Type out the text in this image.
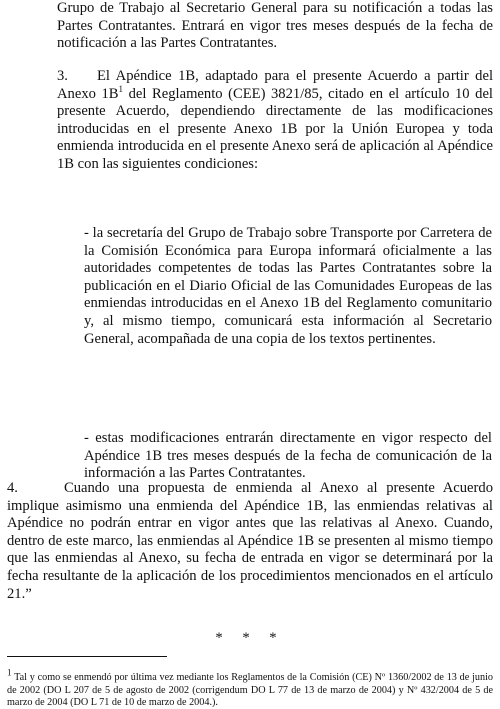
Grupo de Trabajo al Secretario General para su notificación a todas las Partes Contratantes. Entrará en vigor tres meses después de la fecha de notificación a las Partes Contratantes.

3. El Apéndice 1B, adaptado para el presente Acuerdo a partir del Anexo $1B^1$ del Reglamento (CEE) 3821/85, citado en el artículo 10 del presente Acuerdo, dependiendo directamente de las modificaciones introducidas en el presente Anexo 1B por la Unión Europea y toda enmienda introducida en el presente Anexo será de aplicación al Apéndice 1B con las siguientes condiciones:

- la secretaría del Grupo de Trabajo sobre Transporte por Carretera de la Comisión Económica para Europa informará oficialmente a las autoridades competentes de todas las Partes Contratantes sobre la publicación en el Diario Oficial de las Comunidades Europeas de las enmiendas introducidas en el Anexo 1B del Reglamento comunitario y, al mismo tiempo, comunicará esta información al Secretario General, acompañada de una copia de los textos pertinentes.

- estas modificaciones entrarán directamente en vigor respecto del Apéndice 1B tres meses después de la fecha de comunicación de la información a las Partes Contratantes.

4.	Cuando una propuesta de enmienda al Anexo al presente Acuerdo implique asimismo una enmienda del Apéndice 1B, las enmiendas relativas al Apéndice no podrán entrar en vigor antes que las relativas al Anexo. Cuando, dentro de este marco, las enmiendas al Apéndice 1B se presenten al mismo tiempo que las enmiendas al Anexo, su fecha de entrada en vigor se determinará por la fecha resultante de la aplicación de los procedimientos mencionados en el artículo 21.”

* * *

$^1$ Tal y como se enmendó por última vez mediante los Reglamentos de la Comisión (CE) Nº 1360/2002 de 13 de junio de 2002 (DO L 207 de 5 de agosto de 2002 (corrigendum DO L 77 de 13 de marzo de 2004) y Nº 432/2004 de 5 de marzo de 2004 (DO L 71 de 10 de marzo de 2004.).
